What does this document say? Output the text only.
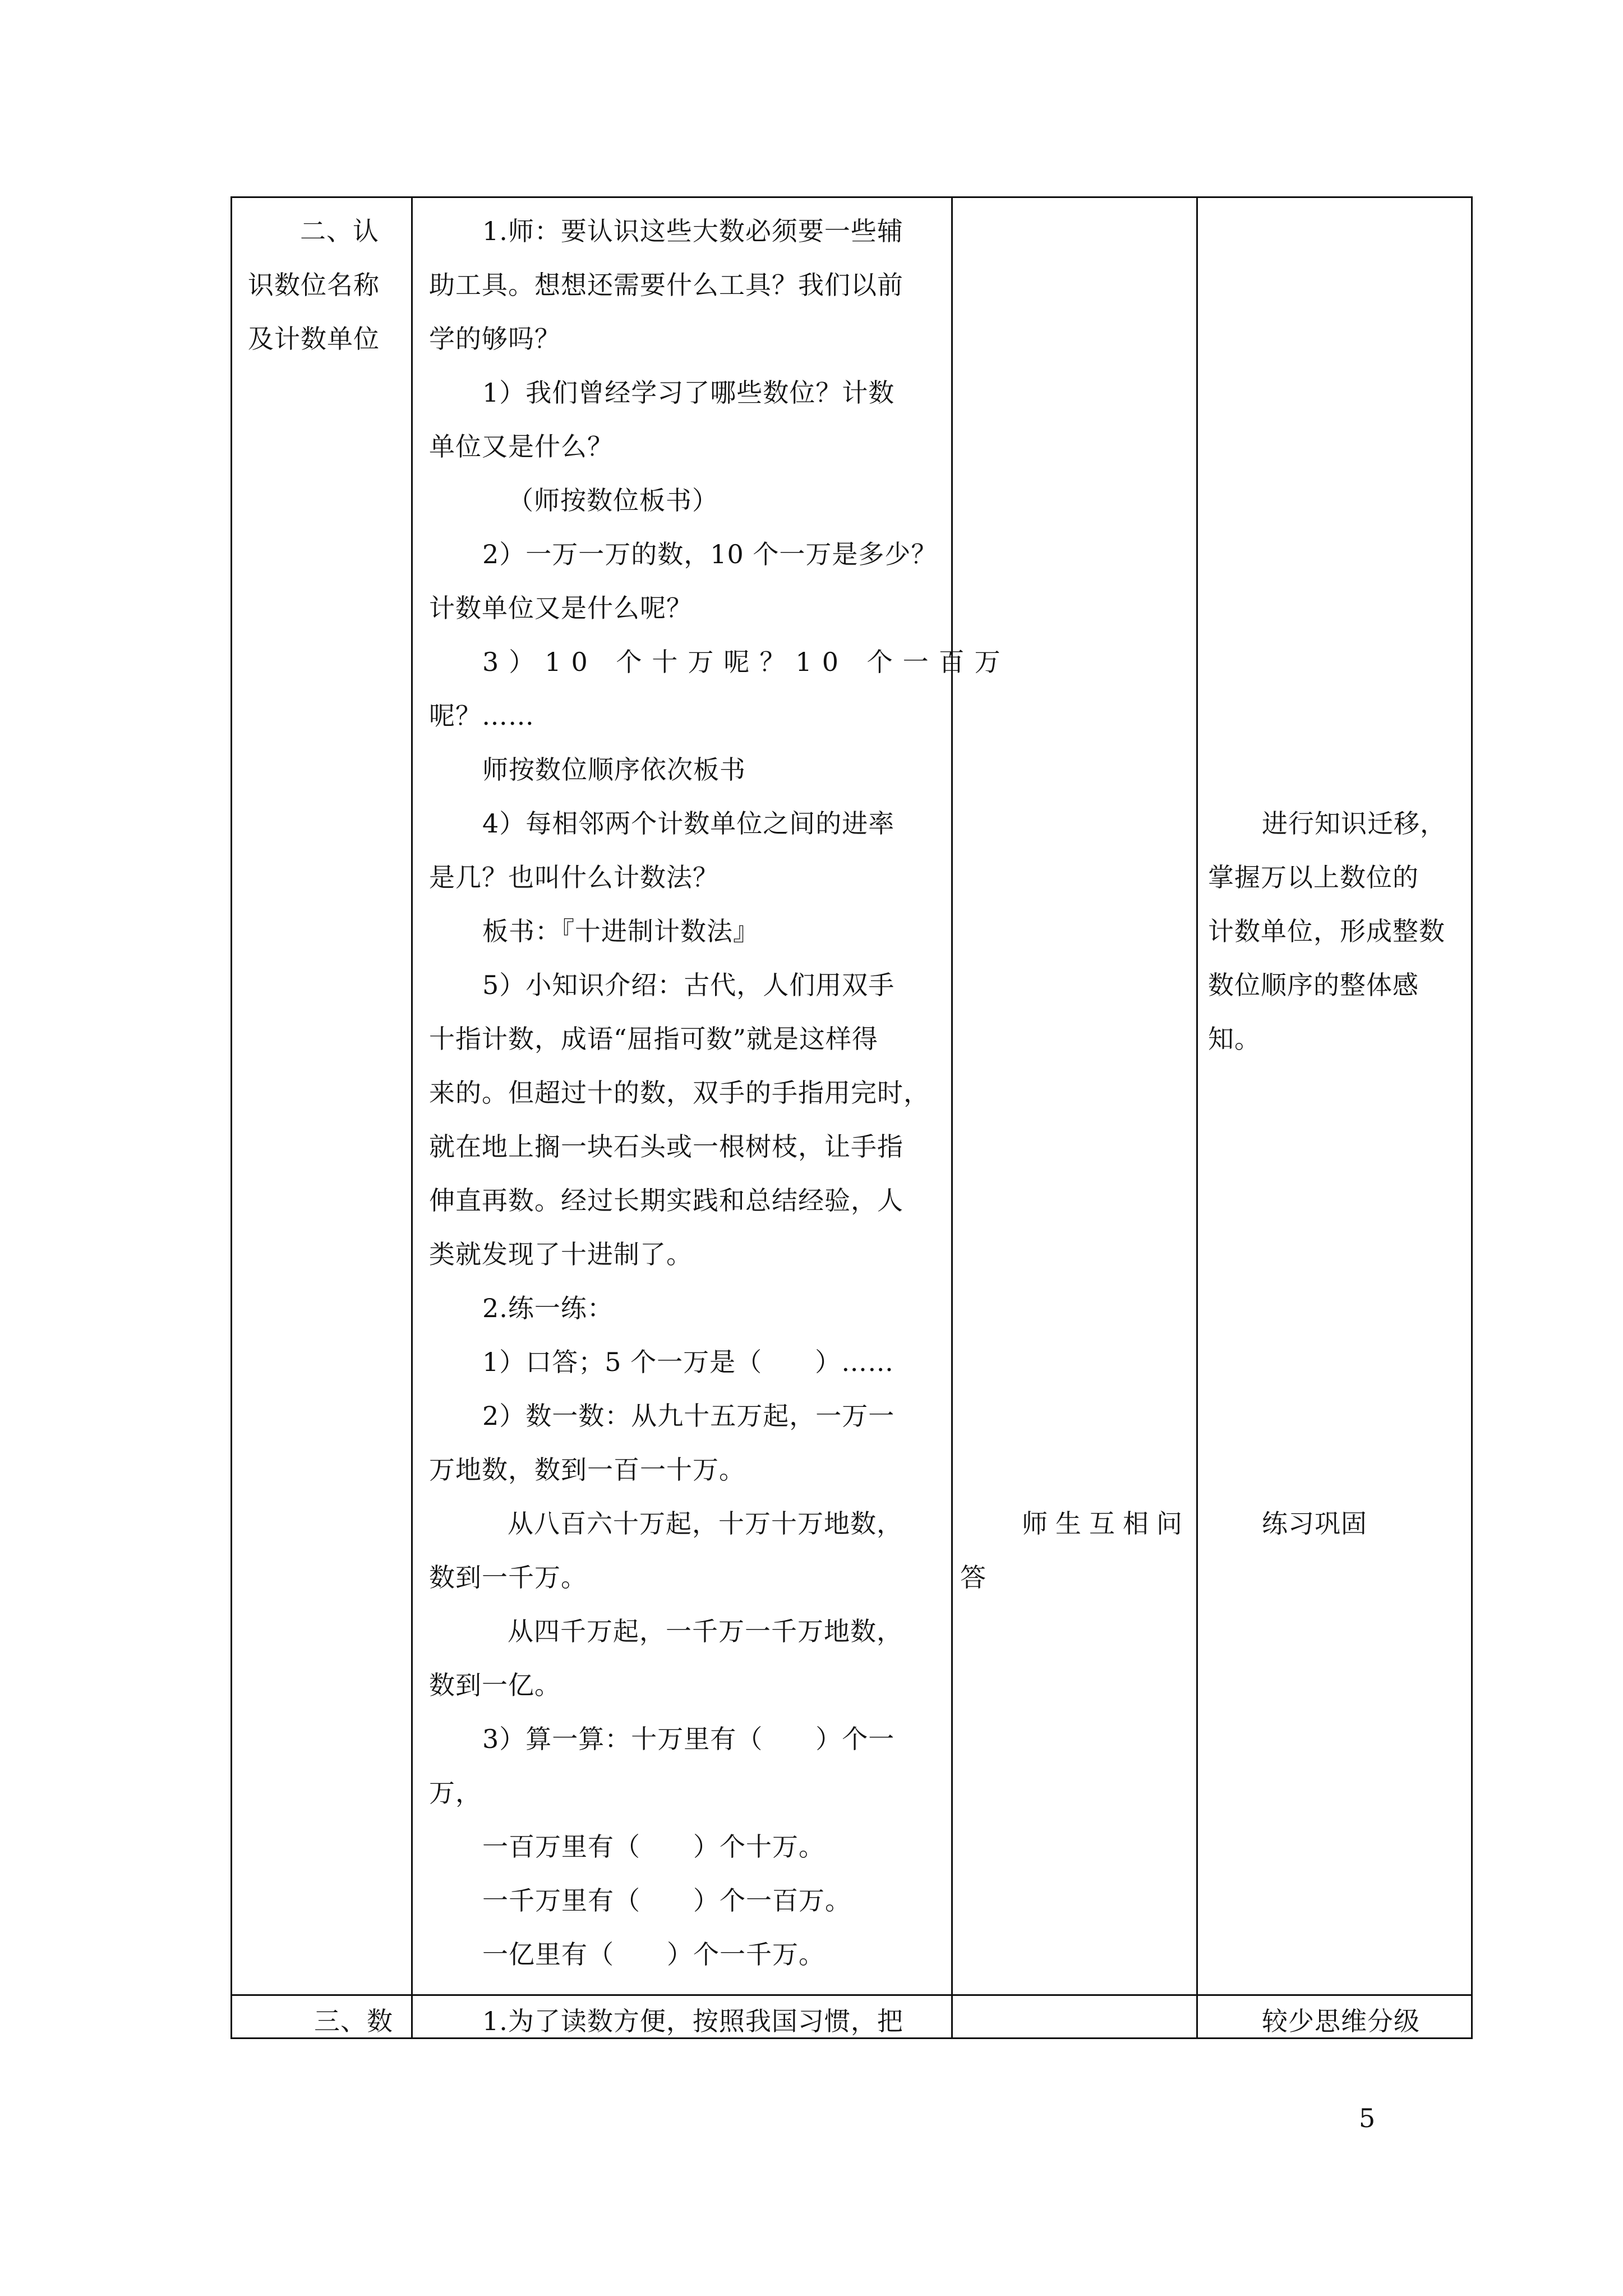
二、认
识数位名称
及计数单位
三、数
1.师：要认识这些大数必须要一些辅
助工具。想想还需要什么工具？我们以前
学的够吗？
1）我们曾经学习了哪些数位？计数
单位又是什么？
（师按数位板书）
2）一万一万的数，10 个一万是多少？
计数单位又是什么呢？
3）10 个十万呢？10 个一百万
呢？……
师按数位顺序依次板书
4）每相邻两个计数单位之间的进率
是几？也叫什么计数法？
板书：『十进制计数法』
5）小知识介绍：古代，人们用双手
十指计数，成语“屈指可数”就是这样得
来的。但超过十的数，双手的手指用完时，
就在地上搁一块石头或一根树枝，让手指
伸直再数。经过长期实践和总结经验，人
类就发现了十进制了。
2.练一练：
1）口答；5 个一万是（　　）……
2）数一数：从九十五万起，一万一
万地数，数到一百一十万。
从八百六十万起，十万十万地数，
数到一千万。
从四千万起，一千万一千万地数，
数到一亿。
3）算一算：十万里有（　　）个一
万，
一百万里有（　　）个十万。
一千万里有（　　）个一百万。
一亿里有（　　）个一千万。
1.为了读数方便，按照我国习惯，把
师生互相问
答
进行知识迁移，
掌握万以上数位的
计数单位，形成整数
数位顺序的整体感
知。
练习巩固
较少思维分级
5
